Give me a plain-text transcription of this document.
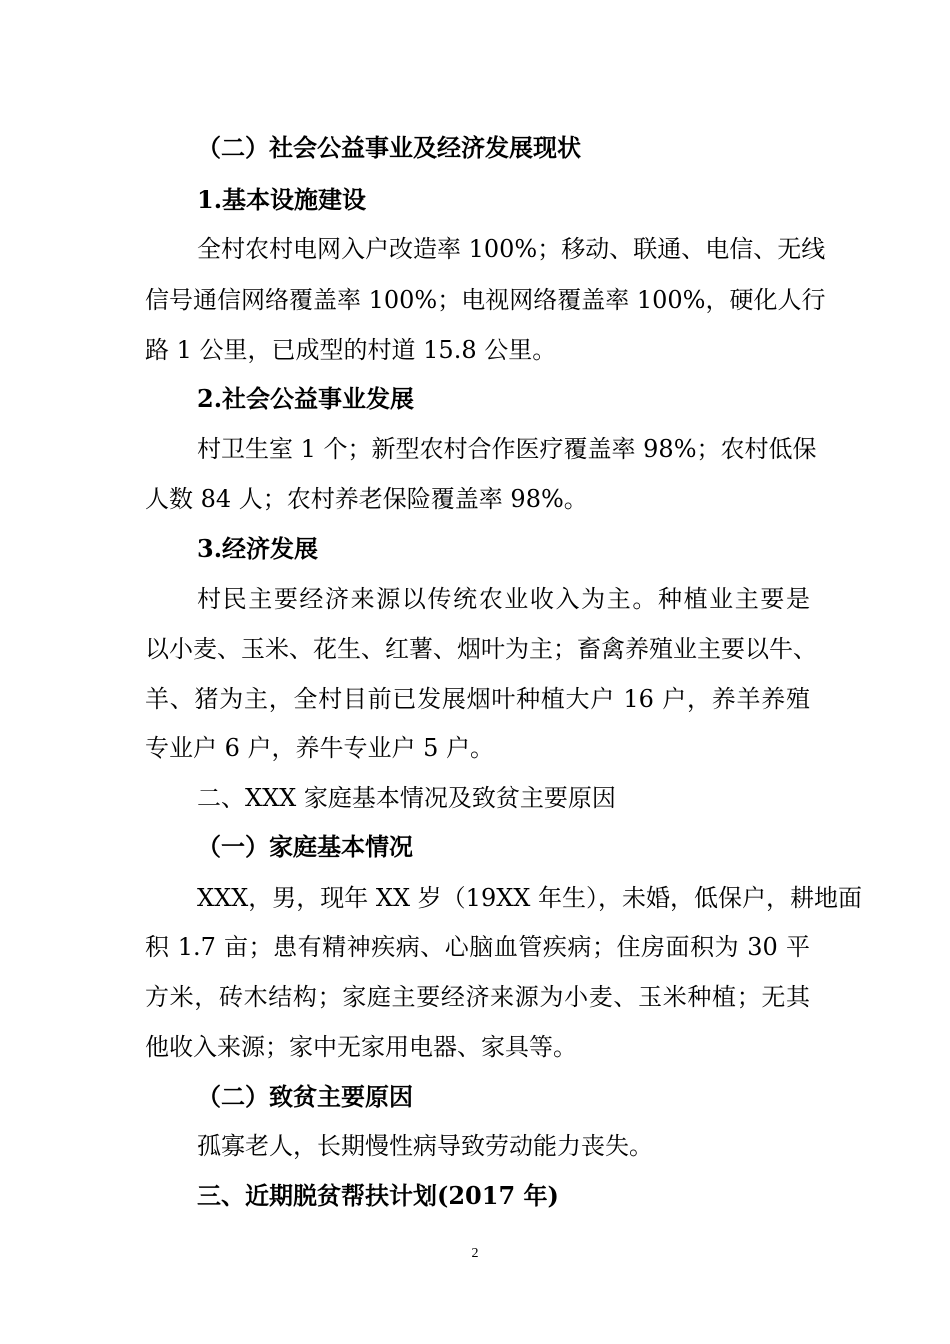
（二）社会公益事业及经济发展现状
1.基本设施建设
全村农村电网入户改造率 100%；移动、联通、电信、无线
信号通信网络覆盖率 100%；电视网络覆盖率 100%，硬化人行
路 1 公里，已成型的村道 15.8 公里。
2.社会公益事业发展
村卫生室 1 个；新型农村合作医疗覆盖率 98%；农村低保
人数 84 人；农村养老保险覆盖率 98%。
3.经济发展
村民主要经济来源以传统农业收入为主。种植业主要是
以小麦、玉米、花生、红薯、烟叶为主；畜禽养殖业主要以牛、
羊、猪为主，全村目前已发展烟叶种植大户 16 户，养羊养殖
专业户 6 户，养牛专业户 5 户。
二、XXX 家庭基本情况及致贫主要原因
（一）家庭基本情况
XXX，男，现年 XX 岁（19XX 年生），未婚，低保户，耕地面
积 1.7 亩；患有精神疾病、心脑血管疾病；住房面积为 30 平
方米，砖木结构；家庭主要经济来源为小麦、玉米种植；无其
他收入来源；家中无家用电器、家具等。
（二）致贫主要原因
孤寡老人，长期慢性病导致劳动能力丧失。
三、近期脱贫帮扶计划(2017 年)
2
